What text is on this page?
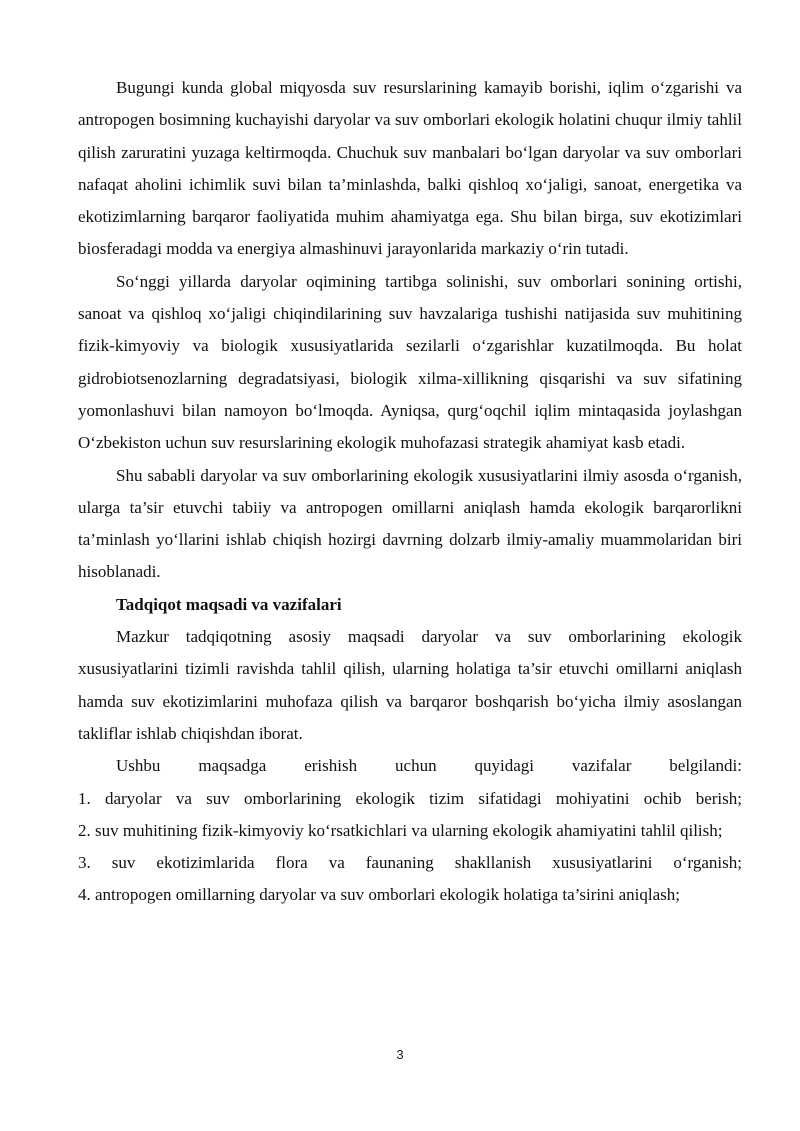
Bugungi kunda global miqyosda suv resurslarining kamayib borishi, iqlim o‘zgarishi va antropogen bosimning kuchayishi daryolar va suv omborlari ekologik holatini chuqur ilmiy tahlil qilish zaruratini yuzaga keltirmoqda. Chuchuk suv manbalari bo‘lgan daryolar va suv omborlari nafaqat aholini ichimlik suvi bilan ta’minlashda, balki qishloq xo‘jaligi, sanoat, energetika va ekotizimlarning barqaror faoliyatida muhim ahamiyatga ega. Shu bilan birga, suv ekotizimlari biosferadagi modda va energiya almashinuvi jarayonlarida markaziy o‘rin tutadi.

So‘nggi yillarda daryolar oqimining tartibga solinishi, suv omborlari sonining ortishi, sanoat va qishloq xo‘jaligi chiqindilarining suv havzalariga tushishi natijasida suv muhitining fizik-kimyoviy va biologik xususiyatlarida sezilarli o‘zgarishlar kuzatilmoqda. Bu holat gidrobiotsenozlarning degradatsiyasi, biologik xilma-xillikning qisqarishi va suv sifatining yomonlashuvi bilan namoyon bo‘lmoqda. Ayniqsa, qurg‘oqchil iqlim mintaqasida joylashgan O‘zbekiston uchun suv resurslarining ekologik muhofazasi strategik ahamiyat kasb etadi.

Shu sababli daryolar va suv omborlarining ekologik xususiyatlarini ilmiy asosda o‘rganish, ularga ta’sir etuvchi tabiiy va antropogen omillarni aniqlash hamda ekologik barqarorlikni ta’minlash yo‘llarini ishlab chiqish hozirgi davrning dolzarb ilmiy-amaliy muammolaridan biri hisoblanadi.

Tadqiqot maqsadi va vazifalari

Mazkur tadqiqotning asosiy maqsadi daryolar va suv omborlarining ekologik xususiyatlarini tizimli ravishda tahlil qilish, ularning holatiga ta’sir etuvchi omillarni aniqlash hamda suv ekotizimlarini muhofaza qilish va barqaror boshqarish bo‘yicha ilmiy asoslangan takliflar ishlab chiqishdan iborat.

Ushbu maqsadga erishish uchun quyidagi vazifalar belgilandi:

1. daryolar va suv omborlarining ekologik tizim sifatidagi mohiyatini ochib berish;

2. suv muhitining fizik-kimyoviy ko‘rsatkichlari va ularning ekologik ahamiyatini tahlil qilish;

3. suv ekotizimlarida flora va faunaning shakllanish xususiyatlarini o‘rganish;

4. antropogen omillarning daryolar va suv omborlari ekologik holatiga ta’sirini aniqlash;

3
